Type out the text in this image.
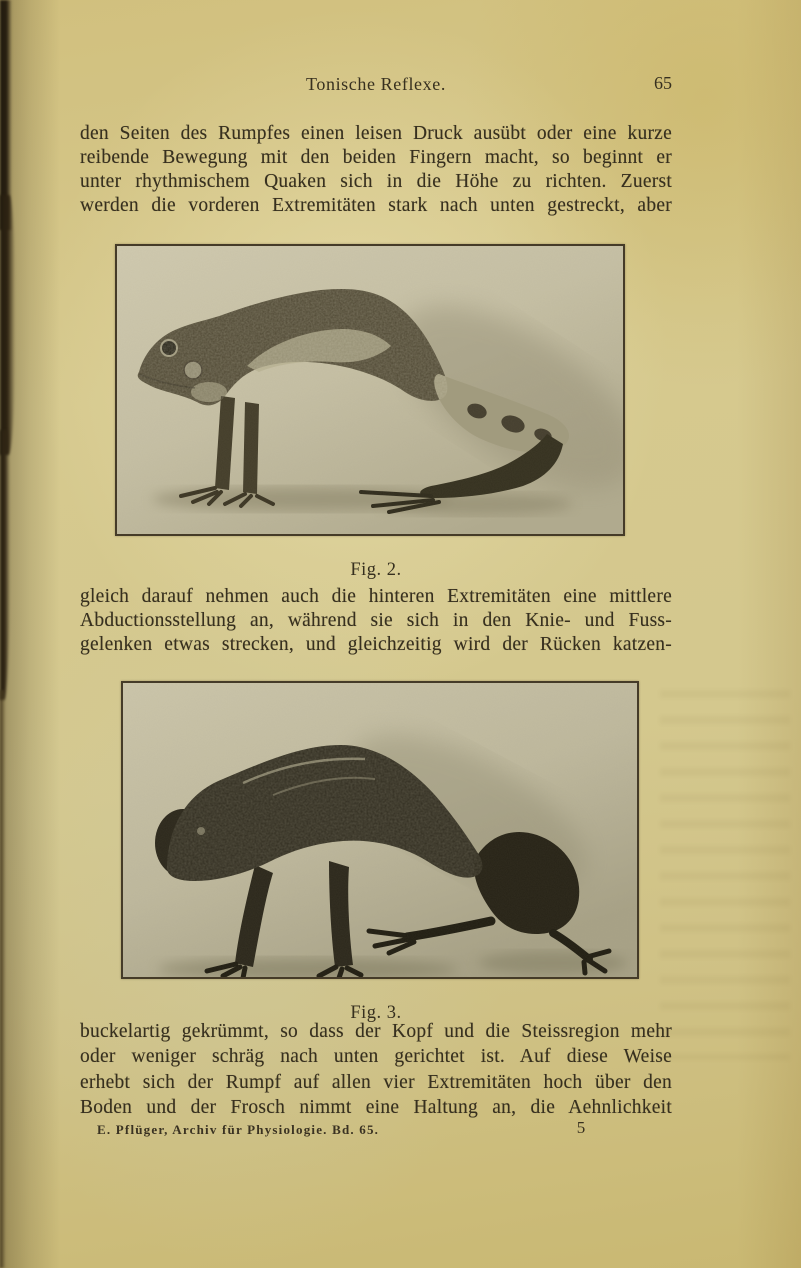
Tonische Reflexe.	65
den Seiten des Rumpfes einen leisen Druck ausübt oder eine kurze
reibende Bewegung mit den beiden Fingern macht, so beginnt er
unter rhythmischem Quaken sich in die Höhe zu richten. Zuerst
werden die vorderen Extremitäten stark nach unten gestreckt, aber
Fig. 2.
gleich darauf nehmen auch die hinteren Extremitäten eine mittlere
Abductionsstellung an, während sie sich in den Knie- und Fuss-
gelenken etwas strecken, und gleichzeitig wird der Rücken katzen-
Fig. 3.
buckelartig gekrümmt, so dass der Kopf und die Steissregion mehr
oder weniger schräg nach unten gerichtet ist. Auf diese Weise
erhebt sich der Rumpf auf allen vier Extremitäten hoch über den
Boden und der Frosch nimmt eine Haltung an, die Aehnlichkeit
E. Pflüger, Archiv für Physiologie. Bd. 65.	5
